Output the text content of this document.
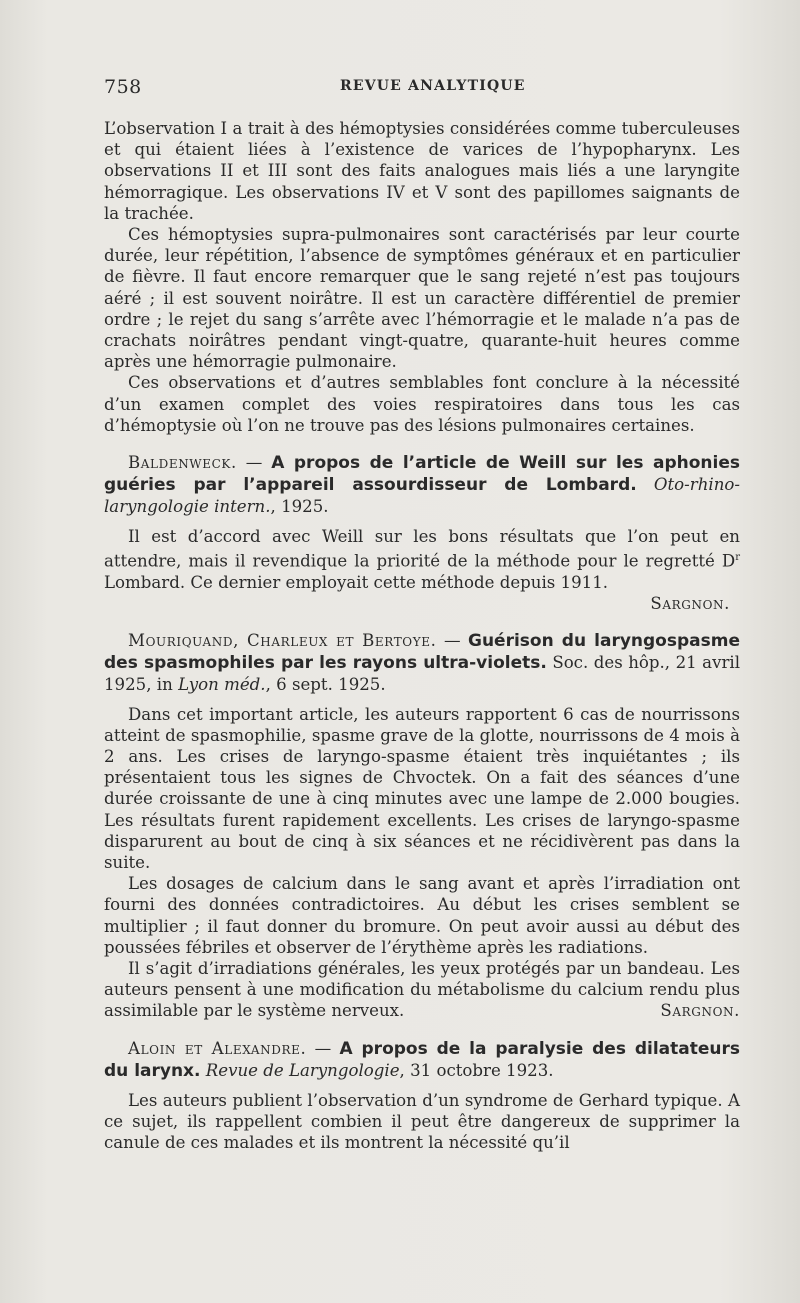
758	REVUE ANALYTIQUE

L’observation I a trait à des hémoptysies considérées comme tuberculeuses et qui étaient liées à l’existence de varices de l’hypopharynx. Les observations II et III sont des faits analogues mais liés a une laryngite hémorragique. Les observations IV et V sont des papillomes saignants de la trachée.

Ces hémoptysies supra-pulmonaires sont caractérisés par leur courte durée, leur répétition, l’absence de symptômes généraux et en particulier de fièvre. Il faut encore remarquer que le sang rejeté n’est pas toujours aéré ; il est souvent noirâtre. Il est un caractère différentiel de premier ordre ; le rejet du sang s’arrête avec l’hémorragie et le malade n’a pas de crachats noirâtres pendant vingt-quatre, quarante-huit heures comme après une hémorragie pulmonaire.

Ces observations et d’autres semblables font conclure à la nécessité d’un examen complet des voies respiratoires dans tous les cas d’hémoptysie où l’on ne trouve pas des lésions pulmonaires certaines.

Baldenweck. — A propos de l’article de Weill sur les aphonies guéries par l’appareil assourdisseur de Lombard. Oto-rhino-laryngologie intern., 1925.

Il est d’accord avec Weill sur les bons résultats que l’on peut en attendre, mais il revendique la priorité de la méthode pour le regretté $D^r$ Lombard. Ce dernier employait cette méthode depuis 1911.

Sargnon.

Mouriquand, Charleux et Bertoye. — Guérison du laryngospasme des spasmophiles par les rayons ultra-violets. Soc. des hôp., 21 avril 1925, in Lyon méd., 6 sept. 1925.

Dans cet important article, les auteurs rapportent 6 cas de nourrissons atteint de spasmophilie, spasme grave de la glotte, nourrissons de 4 mois à 2 ans. Les crises de laryngo-spasme étaient très inquiétantes ; ils présentaient tous les signes de Chvoctek. On a fait des séances d’une durée croissante de une à cinq minutes avec une lampe de 2.000 bougies. Les résultats furent rapidement excellents. Les crises de laryngo-spasme disparurent au bout de cinq à six séances et ne récidivèrent pas dans la suite.

Les dosages de calcium dans le sang avant et après l’irradiation ont fourni des données contradictoires. Au début les crises semblent se multiplier ; il faut donner du bromure. On peut avoir aussi au début des poussées fébriles et observer de l’érythème après les radiations.

Il s’agit d’irradiations générales, les yeux protégés par un bandeau. Les auteurs pensent à une modification du métabolisme du calcium rendu plus assimilable par le système nerveux.	Sargnon.

Aloin et Alexandre. — A propos de la paralysie des dilatateurs du larynx. Revue de Laryngologie, 31 octobre 1923.

Les auteurs publient l’observation d’un syndrome de Gerhard typique. A ce sujet, ils rappellent combien il peut être dangereux de supprimer la canule de ces malades et ils montrent la nécessité qu’il
